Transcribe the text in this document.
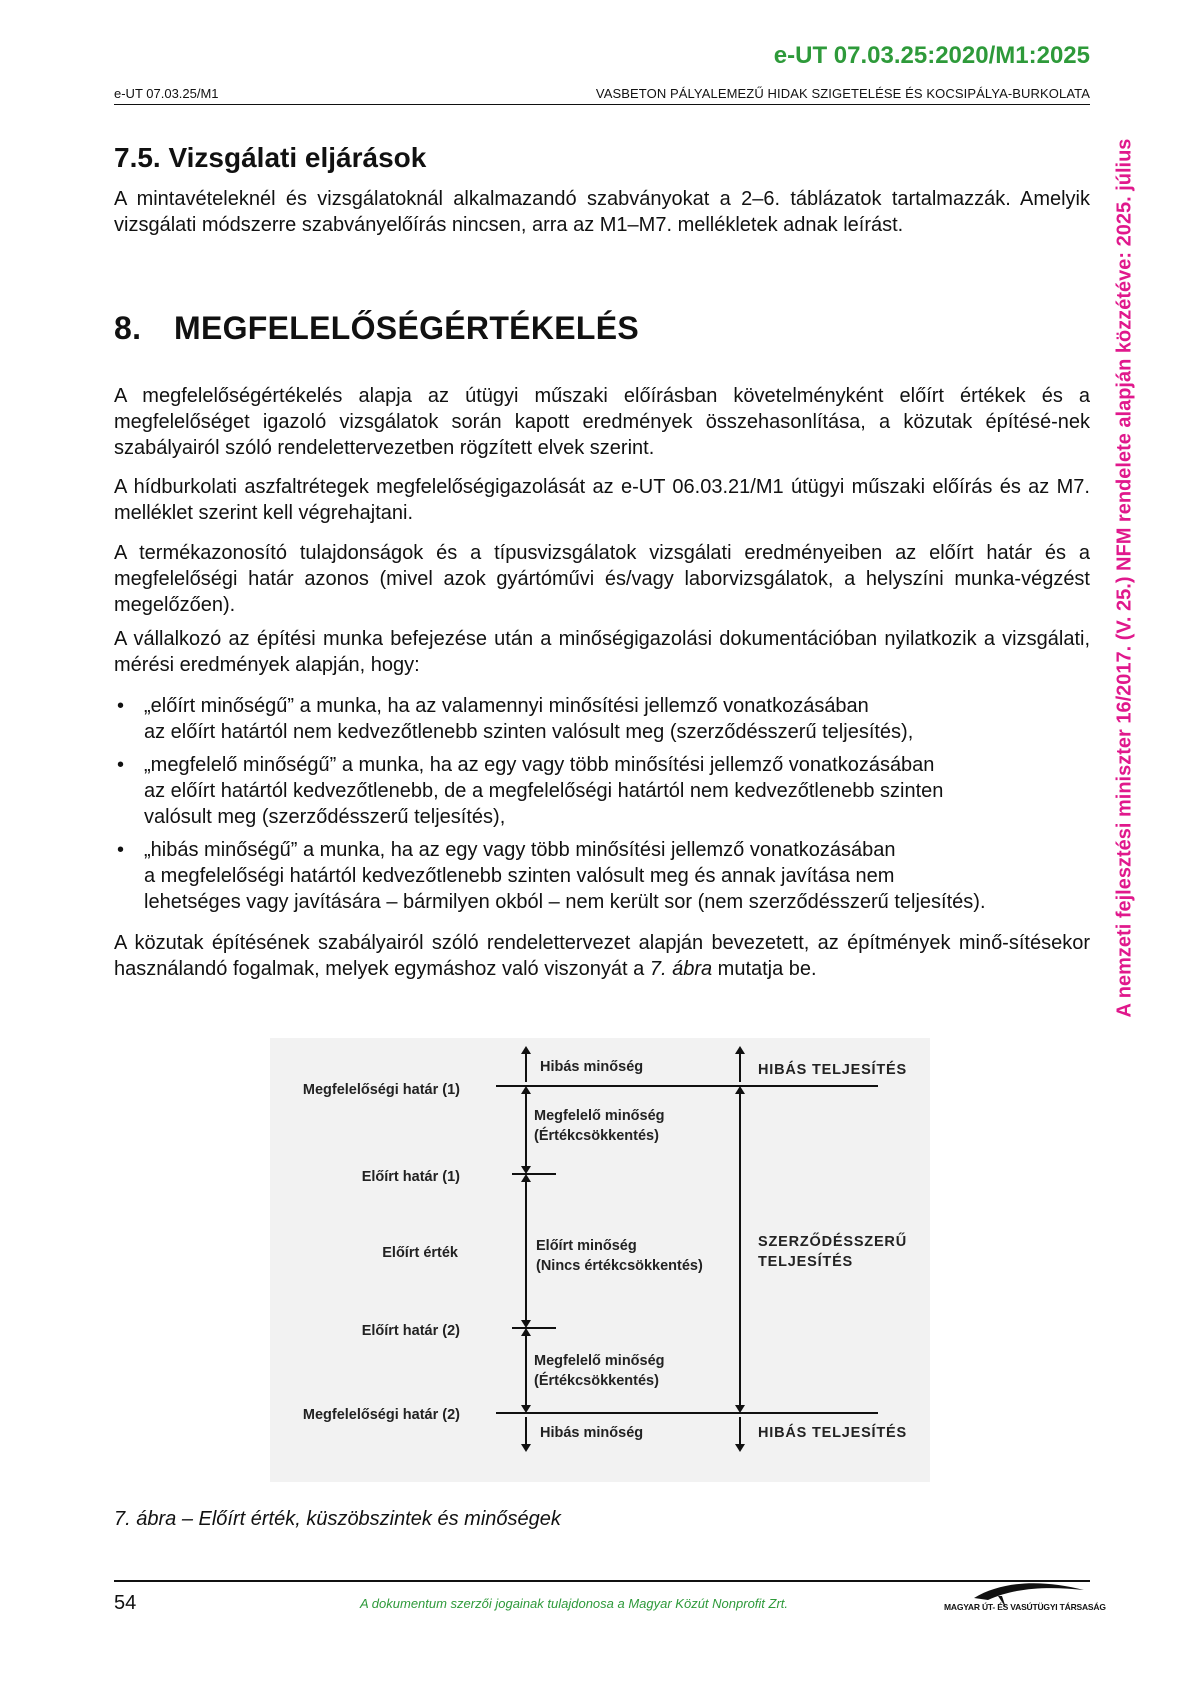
e-UT 07.03.25:2020/M1:2025
e-UT 07.03.25/M1	VASBETON PÁLYALEMEZŰ HIDAK SZIGETELÉSE ÉS KOCSIPÁLYA-BURKOLATA
A nemzeti fejlesztési miniszter 16/2017. (V. 25.) NFM rendelete alapján közzétéve: 2025. július
7.5. Vizsgálati eljárások
A mintavételeknél és vizsgálatoknál alkalmazandó szabványokat a 2–6. táblázatok tartalmazzák. Amelyik vizsgálati módszerre szabványelőírás nincsen, arra az M1–M7. mellékletek adnak leírást.
8. MEGFELELŐSÉGÉRTÉKELÉS
A megfelelőségértékelés alapja az útügyi műszaki előírásban követelményként előírt értékek és a megfelelőséget igazoló vizsgálatok során kapott eredmények összehasonlítása, a közutak építésé-nek szabályairól szóló rendelettervezetben rögzített elvek szerint.
A hídburkolati aszfaltrétegek megfelelőségigazolását az e-UT 06.03.21/M1 útügyi műszaki előírás és az M7. melléklet szerint kell végrehajtani.
A termékazonosító tulajdonságok és a típusvizsgálatok vizsgálati eredményeiben az előírt határ és a megfelelőségi határ azonos (mivel azok gyártóművi és/vagy laborvizsgálatok, a helyszíni munka-végzést megelőzően).
A vállalkozó az építési munka befejezése után a minőségigazolási dokumentációban nyilatkozik a vizsgálati, mérési eredmények alapján, hogy:
• „előírt minőségű” a munka, ha az valamennyi minősítési jellemző vonatkozásában
az előírt határtól nem kedvezőtlenebb szinten valósult meg (szerződésszerű teljesítés),
• „megfelelő minőségű” a munka, ha az egy vagy több minősítési jellemző vonatkozásában
az előírt határtól kedvezőtlenebb, de a megfelelőségi határtól nem kedvezőtlenebb szinten
valósult meg (szerződésszerű teljesítés),
• „hibás minőségű” a munka, ha az egy vagy több minősítési jellemző vonatkozásában
a megfelelőségi határtól kedvezőtlenebb szinten valósult meg és annak javítása nem
lehetséges vagy javítására – bármilyen okból – nem került sor (nem szerződésszerű teljesítés).
A közutak építésének szabályairól szóló rendelettervezet alapján bevezetett, az építmények minő-sítésekor használandó fogalmak, melyek egymáshoz való viszonyát a 7. ábra mutatja be.
Megfelelőségi határ (1)
Előírt határ (1)
Előírt érték
Előírt határ (2)
Megfelelőségi határ (2)
Hibás minőség
Megfelelő minőség
(Értékcsökkentés)
Előírt minőség
(Nincs értékcsökkentés)
Megfelelő minőség
(Értékcsökkentés)
Hibás minőség
HIBÁS TELJESÍTÉS
SZERZŐDÉSSZERŰ
TELJESÍTÉS
HIBÁS TELJESÍTÉS
7. ábra – Előírt érték, küszöbszintek és minőségek
54	A dokumentum szerzői jogainak tulajdonosa a Magyar Közút Nonprofit Zrt.	MAGYAR ÚT- ÉS VASÚTÜGYI TÁRSASÁG
